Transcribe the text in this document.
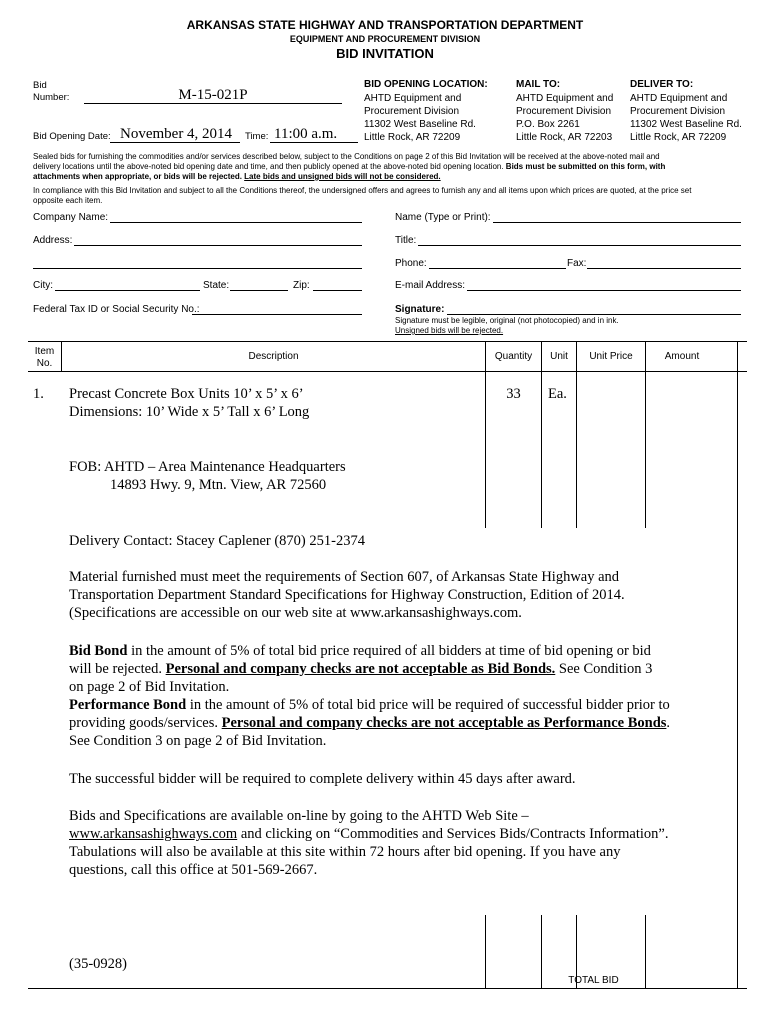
ARKANSAS STATE HIGHWAY AND TRANSPORTATION DEPARTMENT
EQUIPMENT AND PROCUREMENT DIVISION
BID INVITATION
Bid
Number:	M-15-021P
Bid Opening Date: November 4, 2014 Time: 11:00 a.m.
BID OPENING LOCATION:
AHTD Equipment and
Procurement Division
11302 West Baseline Rd.
Little Rock, AR 72209
MAIL TO:
AHTD Equipment and
Procurement Division
P.O. Box 2261
Little Rock, AR 72203
DELIVER TO:
AHTD Equipment and
Procurement Division
11302 West Baseline Rd.
Little Rock, AR 72209
Sealed bids for furnishing the commodities and/or services described below, subject to the Conditions on page 2 of this Bid Invitation will be received at the above-noted mail and
delivery locations until the above-noted bid opening date and time, and then publicly opened at the above-noted bid opening location. Bids must be submitted on this form, with
attachments when appropriate, or bids will be rejected. Late bids and unsigned bids will not be considered.
In compliance with this Bid Invitation and subject to all the Conditions thereof, the undersigned offers and agrees to furnish any and all items upon which prices are quoted, at the price set
opposite each item.
Company Name:
Address:
City:	State:	Zip:
Federal Tax ID or Social Security No.:
Name (Type or Print):
Title:
Phone:	Fax:
E-mail Address:
Signature:
Signature must be legible, original (not photocopied) and in ink.
Unsigned bids will be rejected.
Item
No.
Description	Quantity	Unit	Unit Price	Amount
1. Precast Concrete Box Units 10’ x 5’ x 6’
Dimensions: 10’ Wide x 5’ Tall x 6’ Long
33	Ea.
FOB: AHTD – Area Maintenance Headquarters
14893 Hwy. 9, Mtn. View, AR 72560
Delivery Contact: Stacey Caplener (870) 251-2374
Material furnished must meet the requirements of Section 607, of Arkansas State Highway and
Transportation Department Standard Specifications for Highway Construction, Edition of 2014.
(Specifications are accessible on our web site at www.arkansashighways.com.
Bid Bond in the amount of 5% of total bid price required of all bidders at time of bid opening or bid
will be rejected. Personal and company checks are not acceptable as Bid Bonds. See Condition 3
on page 2 of Bid Invitation.
Performance Bond in the amount of 5% of total bid price will be required of successful bidder prior to
providing goods/services. Personal and company checks are not acceptable as Performance Bonds.
See Condition 3 on page 2 of Bid Invitation.
The successful bidder will be required to complete delivery within 45 days after award.
Bids and Specifications are available on-line by going to the AHTD Web Site –
www.arkansashighways.com and clicking on “Commodities and Services Bids/Contracts Information”.
Tabulations will also be available at this site within 72 hours after bid opening. If you have any
questions, call this office at 501-569-2667.
(35-0928)
TOTAL BID
